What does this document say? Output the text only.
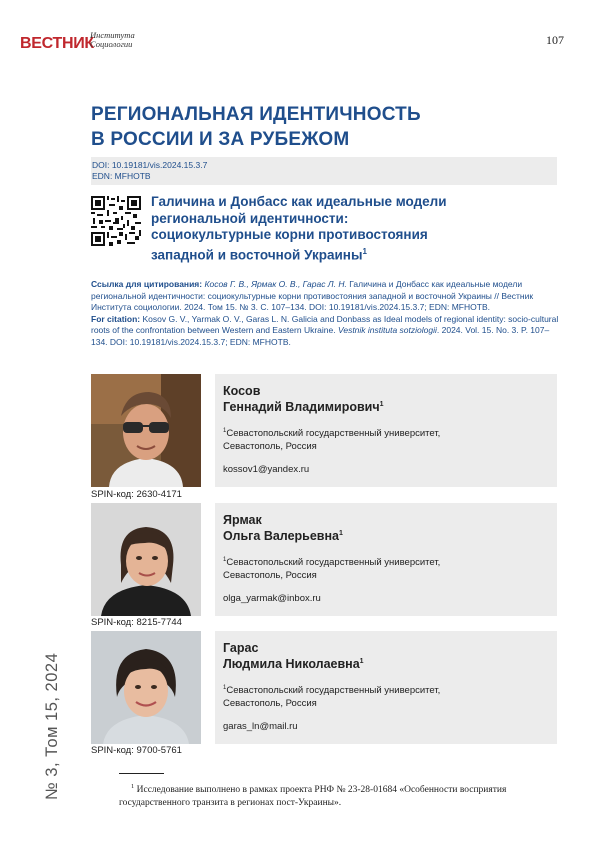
ВЕСТНИК
Института
Социологии	107
РЕГИОНАЛЬНАЯ ИДЕНТИЧНОСТЬ
В РОССИИ И ЗА РУБЕЖОМ
DOI: 10.19181/vis.2024.15.3.7
EDN: MFHOTB
Галичина и Донбасс как идеальные модели
региональной идентичности:
социокультурные корни противостояния
западной и восточной Украины$^1$

Ссылка для цитирования: Косов Г. В., Ярмак О. В., Гарас Л. Н. Галичина и Донбасс как идеальные модели региональной идентичности: социокультурные корни противостояния западной и восточной Украины // Вестник Института социологии. 2024. Том 15. № 3. С. 107–134. DOI: 10.19181/vis.2024.15.3.7; EDN: MFHOTB.

For citation: Kosov G. V., Yarmak O. V., Garas L. N. Galicia and Donbass as Ideal models of regional identity: socio-cultural roots of the confrontation between Western and Eastern Ukraine. Vestnik instituta sotziologii. 2024. Vol. 15. No. 3. P. 107–134. DOI: 10.19181/vis.2024.15.3.7; EDN: MFHOTB.

Косов
Геннадий Владимирович$^1$
$^1$Севастопольский государственный университет,
Севастополь, Россия
kossov1@yandex.ru
SPIN-код: 2630-4171
Ярмак
Ольга Валерьевна$^1$
$^1$Севастопольский государственный университет,
Севастополь, Россия
olga_yarmak@inbox.ru
SPIN-код: 8215-7744
Гарас
Людмила Николаевна$^1$
$^1$Севастопольский государственный университет,
Севастополь, Россия
garas_ln@mail.ru
SPIN-код: 9700-5761
№ 3, Том 15, 2024	$^1$ Исследование выполнено в рамках проекта РНФ № 23-28-01684 «Особенности восприятия государственного транзита в регионах пост-Украины».
